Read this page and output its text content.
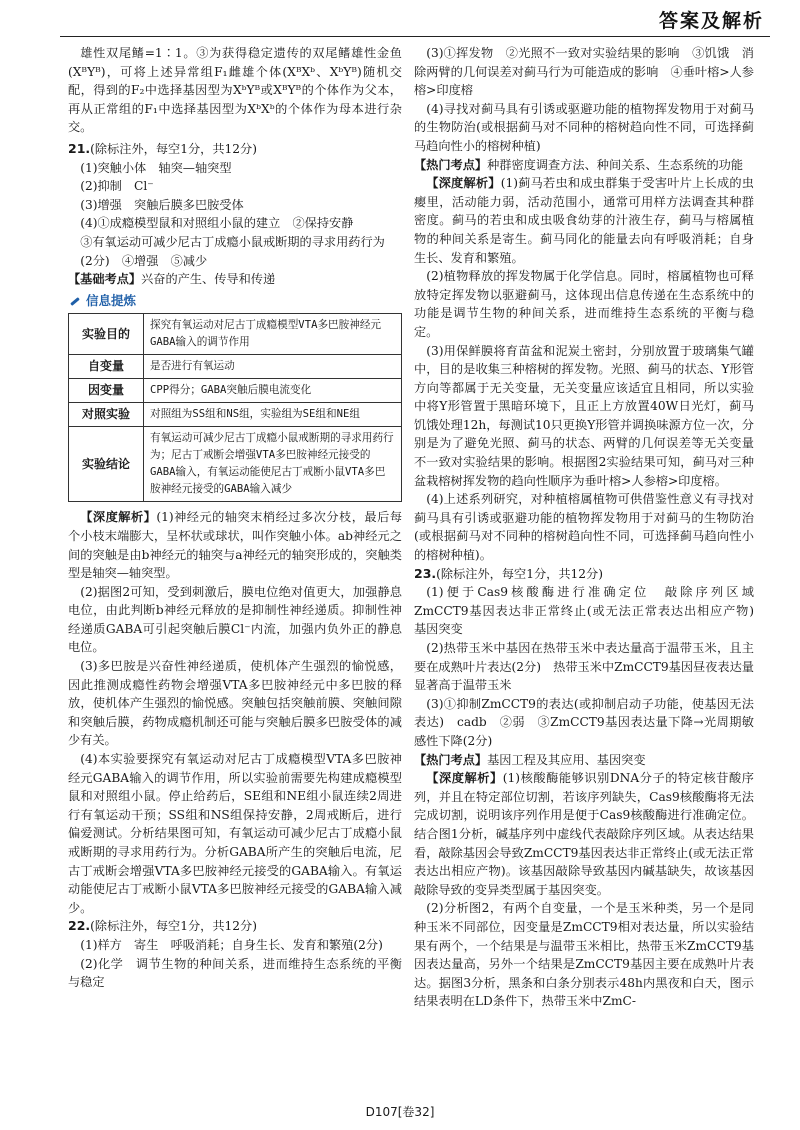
答案及解析

雄性双尾鳍=1∶1。③为获得稳定遗传的双尾鳍雄性金鱼(XᴮYᴮ)，可将上述异常组F₁雌雄个体(XᴮXᵇ、XᵇYᴮ)随机交配，得到的F₂中选择基因型为XᵇYᴮ或XᴮYᴮ的个体作为父本，再从正常组的F₁中选择基因型为XᵇXᵇ的个体作为母本进行杂交。

21.(除标注外，每空1分，共12分)

(1)突触小体　轴突—轴突型

(2)抑制　Cl⁻

(3)增强　突触后膜多巴胺受体

(4)①成瘾模型鼠和对照组小鼠的建立　②保持安静

③有氧运动可减少尼古丁成瘾小鼠戒断期的寻求用药行为

(2分)　④增强　⑤减少

【基础考点】兴奋的产生、传导和传递

信息提炼
实验目的	探究有氧运动对尼古丁成瘾模型VTA多巴胺神经元GABA输入的调节作用
自变量	是否进行有氧运动
因变量	CPP得分；GABA突触后膜电流变化
对照实验	对照组为SS组和NS组，实验组为SE组和NE组
实验结论	有氧运动可减少尼古丁成瘾小鼠戒断期的寻求用药行为；尼古丁戒断会增强VTA多巴胺神经元接受的GABA输入，有氧运动能使尼古丁戒断小鼠VTA多巴胺神经元接受的GABA输入减少

【深度解析】(1)神经元的轴突末梢经过多次分枝，最后每个小枝末端膨大，呈杯状或球状，叫作突触小体。ab神经元之间的突触是由b神经元的轴突与a神经元的轴突形成的，突触类型是轴突—轴突型。

(2)据图2可知，受到刺激后，膜电位绝对值更大，加强静息电位，由此判断b神经元释放的是抑制性神经递质。抑制性神经递质GABA可引起突触后膜Cl⁻内流，加强内负外正的静息电位。

(3)多巴胺是兴奋性神经递质，使机体产生强烈的愉悦感，因此推测成瘾性药物会增强VTA多巴胺神经元中多巴胺的释放，使机体产生强烈的愉悦感。突触包括突触前膜、突触间隙和突触后膜，药物成瘾机制还可能与突触后膜多巴胺受体的减少有关。

(4)本实验要探究有氧运动对尼古丁成瘾模型VTA多巴胺神经元GABA输入的调节作用，所以实验前需要先构建成瘾模型鼠和对照组小鼠。停止给药后，SE组和NE组小鼠连续2周进行有氧运动干预；SS组和NS组保持安静，2周戒断后，进行偏爱测试。分析结果图可知，有氧运动可减少尼古丁成瘾小鼠戒断期的寻求用药行为。分析GABA所产生的突触后电流，尼古丁戒断会增强VTA多巴胺神经元接受的GABA输入。有氧运动能使尼古丁戒断小鼠VTA多巴胺神经元接受的GABA输入减少。

22.(除标注外，每空1分，共12分)

(1)样方　寄生　呼吸消耗；自身生长、发育和繁殖(2分)

(2)化学　调节生物的种间关系，进而维持生态系统的平衡与稳定

(3)①挥发物　②光照不一致对实验结果的影响　③饥饿　消除两臂的几何误差对蓟马行为可能造成的影响　④垂叶榕>人参榕>印度榕

(4)寻找对蓟马具有引诱或驱避功能的植物挥发物用于对蓟马的生物防治(或根据蓟马对不同种的榕树趋向性不同，可选择蓟马趋向性小的榕树种植)

【热门考点】种群密度调查方法、种间关系、生态系统的功能

【深度解析】(1)蓟马若虫和成虫群集于受害叶片上长成的虫瘿里，活动能力弱，活动范围小，通常可用样方法调查其种群密度。蓟马的若虫和成虫吸食幼芽的汁液生存，蓟马与榕属植物的种间关系是寄生。蓟马同化的能量去向有呼吸消耗；自身生长、发育和繁殖。

(2)植物释放的挥发物属于化学信息。同时，榕属植物也可释放特定挥发物以驱避蓟马，这体现出信息传递在生态系统中的功能是调节生物的种间关系，进而维持生态系统的平衡与稳定。

(3)用保鲜膜将育苗盆和泥炭土密封，分别放置于玻璃集气罐中，目的是收集三种榕树的挥发物。光照、蓟马的状态、Y形管方向等都属于无关变量，无关变量应该适宜且相同，所以实验中将Y形管置于黑暗环境下，且正上方放置40W日光灯，蓟马饥饿处理12h，每测试10只更换Y形管并调换味源方位一次，分别是为了避免光照、蓟马的状态、两臂的几何误差等无关变量不一致对实验结果的影响。根据图2实验结果可知，蓟马对三种盆栽榕树挥发物的趋向性顺序为垂叶榕>人参榕>印度榕。

(4)上述系列研究，对种植榕属植物可供借鉴性意义有寻找对蓟马具有引诱或驱避功能的植物挥发物用于对蓟马的生物防治(或根据蓟马对不同种的榕树趋向性不同，可选择蓟马趋向性小的榕树种植)。

23.(除标注外，每空1分，共12分)

(1)便于Cas9核酸酶进行准确定位　敲除序列区域　ZmCCT9基因表达非正常终止(或无法正常表达出相应产物)　基因突变

(2)热带玉米中基因在热带玉米中表达量高于温带玉米，且主要在成熟叶片表达(2分)　热带玉米中ZmCCT9基因昼夜表达量显著高于温带玉米

(3)①抑制ZmCCT9的表达(或抑制启动子功能，使基因无法表达)　cadb　②弱　③ZmCCT9基因表达量下降→光周期敏感性下降(2分)

【热门考点】基因工程及其应用、基因突变

【深度解析】(1)核酸酶能够识别DNA分子的特定核苷酸序列，并且在特定部位切割，若该序列缺失，Cas9核酸酶将无法完成切割，说明该序列作用是便于Cas9核酸酶进行准确定位。结合图1分析，碱基序列中虚线代表敲除序列区域。从表达结果看，敲除基因会导致ZmCCT9基因表达非正常终止(或无法正常表达出相应产物)。该基因敲除导致基因内碱基缺失，故该基因敲除导致的变异类型属于基因突变。

(2)分析图2，有两个自变量，一个是玉米种类，另一个是同种玉米不同部位，因变量是ZmCCT9相对表达量，所以实验结果有两个，一个结果是与温带玉米相比，热带玉米ZmCCT9基因表达量高，另外一个结果是ZmCCT9基因主要在成熟叶片表达。据图3分析，黑条和白条分别表示48h内黑夜和白天，图示结果表明在LD条件下，热带玉米中ZmC-

D107[卷32]
